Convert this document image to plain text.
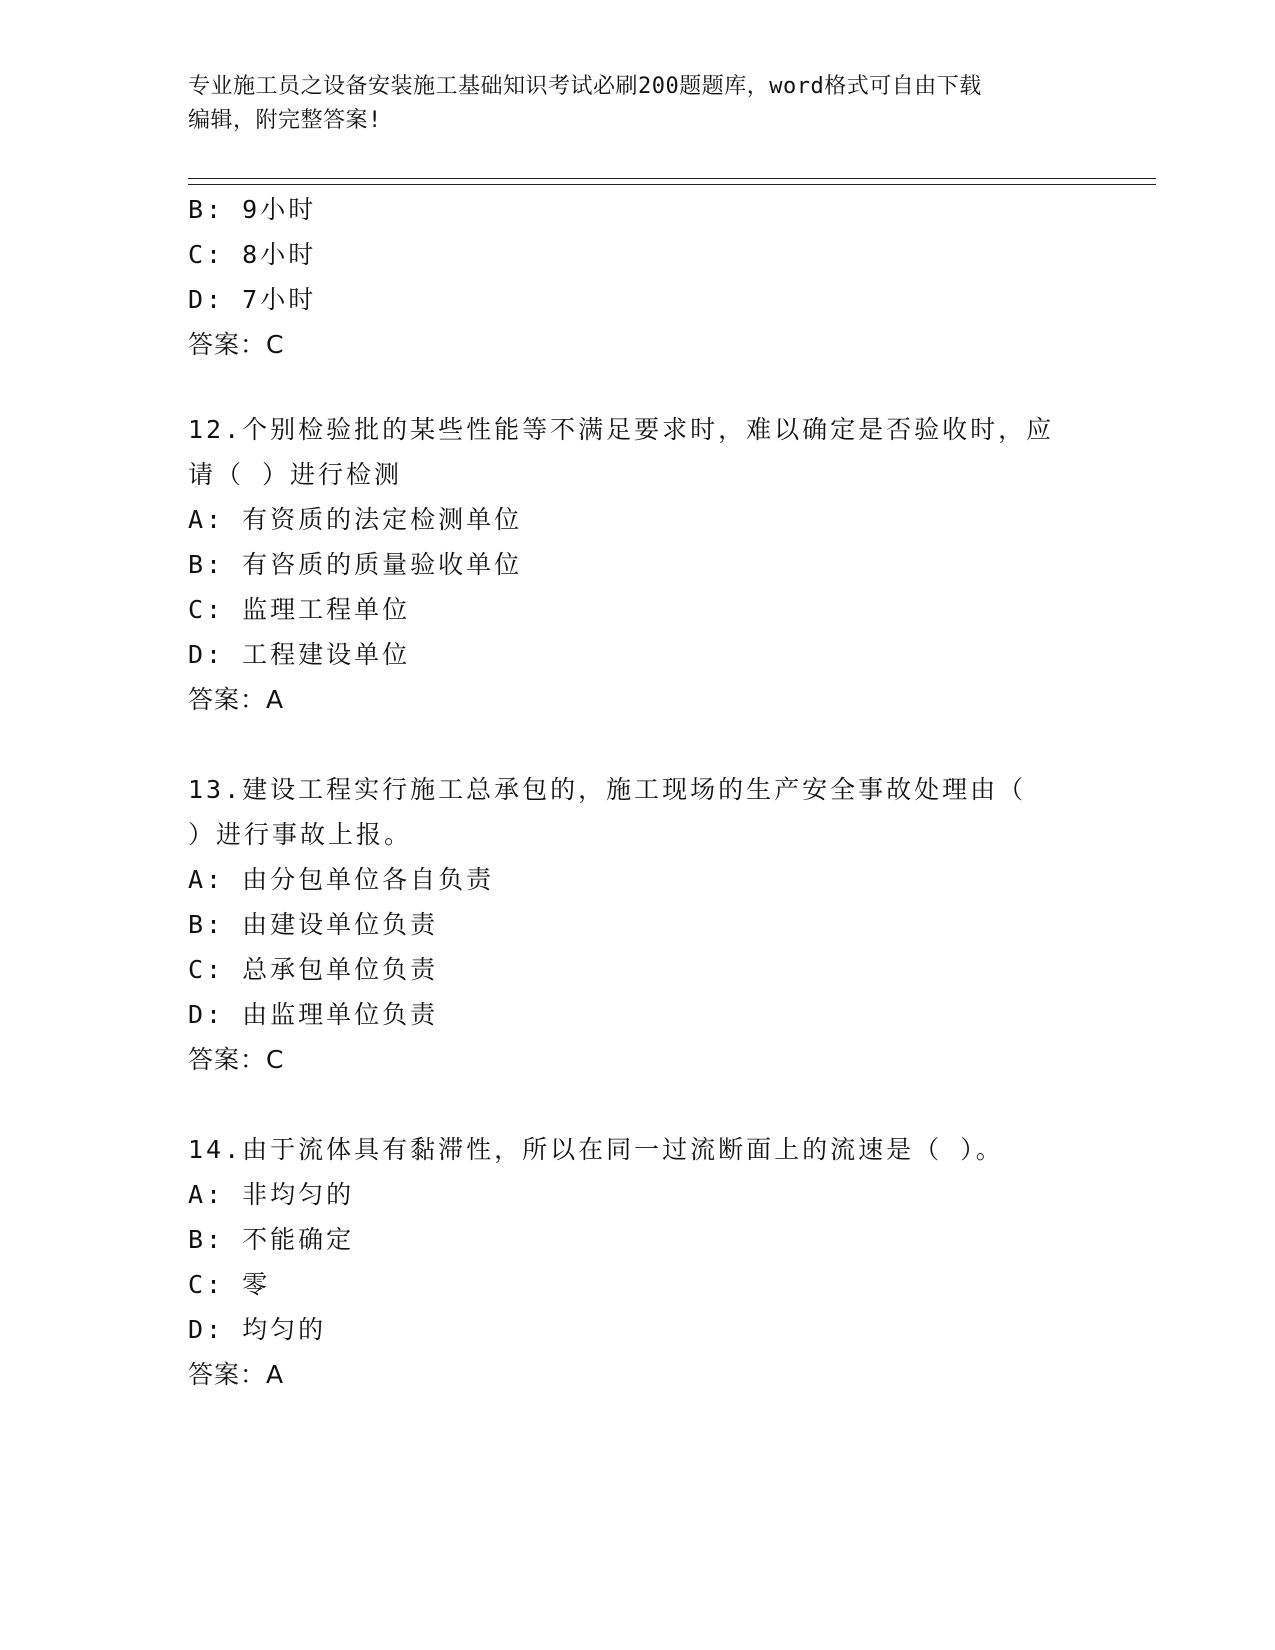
专业施工员之设备安装施工基础知识考试必刷200题题库，word格式可自由下载
编辑，附完整答案!
B: 9小时
C: 8小时
D: 7小时
答案：C
12.个别检验批的某些性能等不满足要求时，难以确定是否验收时，应
请（ ）进行检测
A: 有资质的法定检测单位
B: 有咨质的质量验收单位
C: 监理工程单位
D: 工程建设单位
答案：A
13.建设工程实行施工总承包的，施工现场的生产安全事故处理由（
）进行事故上报。
A: 由分包单位各自负责
B: 由建设单位负责
C: 总承包单位负责
D: 由监理单位负责
答案：C
14.由于流体具有黏滞性，所以在同一过流断面上的流速是（ ）。
A: 非均匀的
B: 不能确定
C: 零
D: 均匀的
答案：A
